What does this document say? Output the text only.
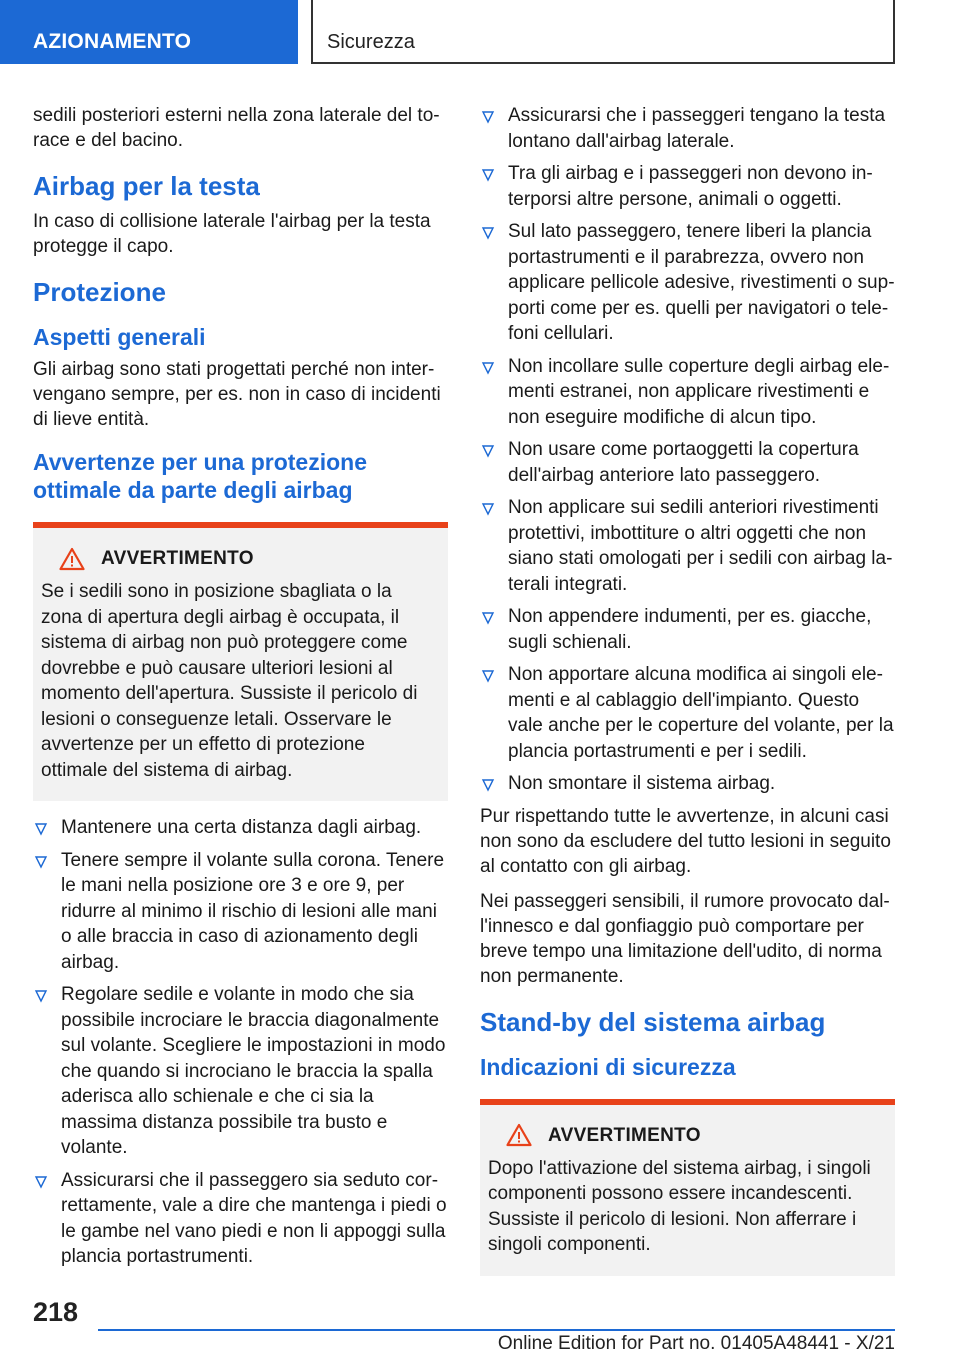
AZIONAMENTO	Sicurezza

sedili posteriori esterni nella zona laterale del torace e del bacino.

Airbag per la testa

In caso di collisione laterale l'airbag per la testa protegge il capo.

Protezione
Aspetti generali

Gli airbag sono stati progettati perché non intervengano sempre, per es. non in caso di incidenti di lieve entità.

Avvertenze per una protezione ottimale da parte degli airbag
AVVERTIMENTO
Se i sedili sono in posizione sbagliata o la zona di apertura degli airbag è occupata, il sistema di airbag non può proteggere come dovrebbe e può causare ulteriori lesioni al momento dell'apertura. Sussiste il pericolo di lesioni o conseguenze letali. Osservare le avvertenze per un effetto di protezione ottimale del sistema di airbag.
Mantenere una certa distanza dagli airbag.
Tenere sempre il volante sulla corona. Tenere le mani nella posizione ore 3 e ore 9, per ridurre al minimo il rischio di lesioni alle mani o alle braccia in caso di azionamento degli airbag.
Regolare sedile e volante in modo che sia possibile incrociare le braccia diagonalmente sul volante. Scegliere le impostazioni in modo che quando si incrociano le braccia la spalla aderisca allo schienale e che ci sia la massima distanza possibile tra busto e volante.
Assicurarsi che il passeggero sia seduto correttamente, vale a dire che mantenga i piedi o le gambe nel vano piedi e non li appoggi sulla plancia portastrumenti.
Assicurarsi che i passeggeri tengano la testa lontano dall'airbag laterale.
Tra gli airbag e i passeggeri non devono interporsi altre persone, animali o oggetti.
Sul lato passeggero, tenere liberi la plancia portastrumenti e il parabrezza, ovvero non applicare pellicole adesive, rivestimenti o supporti come per es. quelli per navigatori o telefoni cellulari.
Non incollare sulle coperture degli airbag elementi estranei, non applicare rivestimenti e non eseguire modifiche di alcun tipo.
Non usare come portaoggetti la copertura dell'airbag anteriore lato passeggero.
Non applicare sui sedili anteriori rivestimenti protettivi, imbottiture o altri oggetti che non siano stati omologati per i sedili con airbag laterali integrati.
Non appendere indumenti, per es. giacche, sugli schienali.
Non apportare alcuna modifica ai singoli elementi e al cablaggio dell'impianto. Questo vale anche per le coperture del volante, per la plancia portastrumenti e per i sedili.
Non smontare il sistema airbag.

Pur rispettando tutte le avvertenze, in alcuni casi non sono da escludere del tutto lesioni in seguito al contatto con gli airbag.

Nei passeggeri sensibili, il rumore provocato dall'innesco e dal gonfiaggio può comportare per breve tempo una limitazione dell'udito, di norma non permanente.

Stand-by del sistema airbag
Indicazioni di sicurezza
AVVERTIMENTO
Dopo l'attivazione del sistema airbag, i singoli componenti possono essere incandescenti. Sussiste il pericolo di lesioni. Non afferrare i singoli componenti.
218
Online Edition for Part no. 01405A48441 - X/21
